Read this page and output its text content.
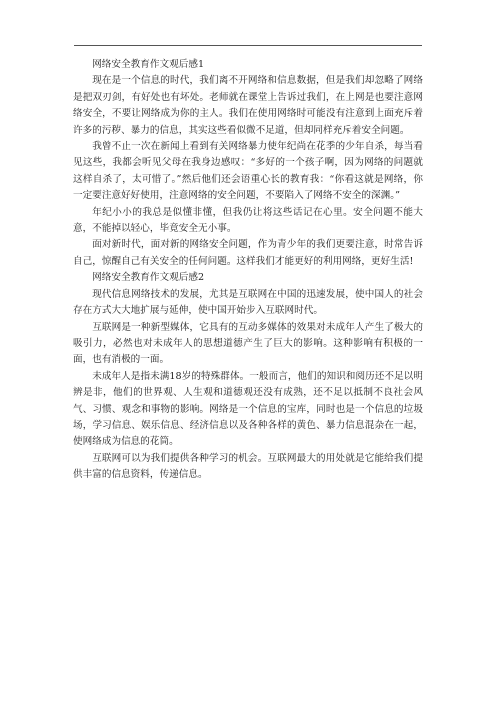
网络安全教育作文观后感1

现在是一个信息的时代，我们离不开网络和信息数据，但是我们却忽略了网络是把双刃剑，有好处也有坏处。老师就在课堂上告诉过我们，在上网是也要注意网络安全，不要让网络成为你的主人。我们在使用网络时可能没有注意到上面充斥着许多的污秽、暴力的信息，其实这些看似微不足道，但却同样充斥着安全问题。

我曾不止一次在新闻上看到有关网络暴力使年纪尚在花季的少年自杀，每当看见这些，我都会听见父母在我身边感叹：“多好的一个孩子啊，因为网络的问题就这样自杀了，太可惜了。”然后他们还会语重心长的教育我：“你看这就是网络，你一定要注意好好使用，注意网络的安全问题，不要陷入了网络不安全的深渊。”

年纪小小的我总是似懂非懂，但我仍让将这些话记在心里。安全问题不能大意，不能掉以轻心，毕竟安全无小事。

面对新时代，面对新的网络安全问题，作为青少年的我们更要注意，时常告诉自己，惊醒自己有关安全的任何问题。这样我们才能更好的利用网络，更好生活!

网络安全教育作文观后感2

现代信息网络技术的发展，尤其是互联网在中国的迅速发展，使中国人的社会存在方式大大地扩展与延伸，使中国开始步入互联网时代。

互联网是一种新型媒体，它具有的互动多媒体的效果对未成年人产生了极大的吸引力，必然也对未成年人的思想道德产生了巨大的影响。这种影响有积极的一面，也有消极的一面。

未成年人是指未满18岁的特殊群体。一般而言，他们的知识和阅历还不足以明辨是非，他们的世界观、人生观和道德观还没有成熟，还不足以抵制不良社会风气、习惯、观念和事物的影响。网络是一个信息的宝库，同时也是一个信息的垃圾场，学习信息、娱乐信息、经济信息以及各种各样的黄色、暴力信息混杂在一起，使网络成为信息的花筒。

互联网可以为我们提供各种学习的机会。互联网最大的用处就是它能给我们提供丰富的信息资料，传递信息。
